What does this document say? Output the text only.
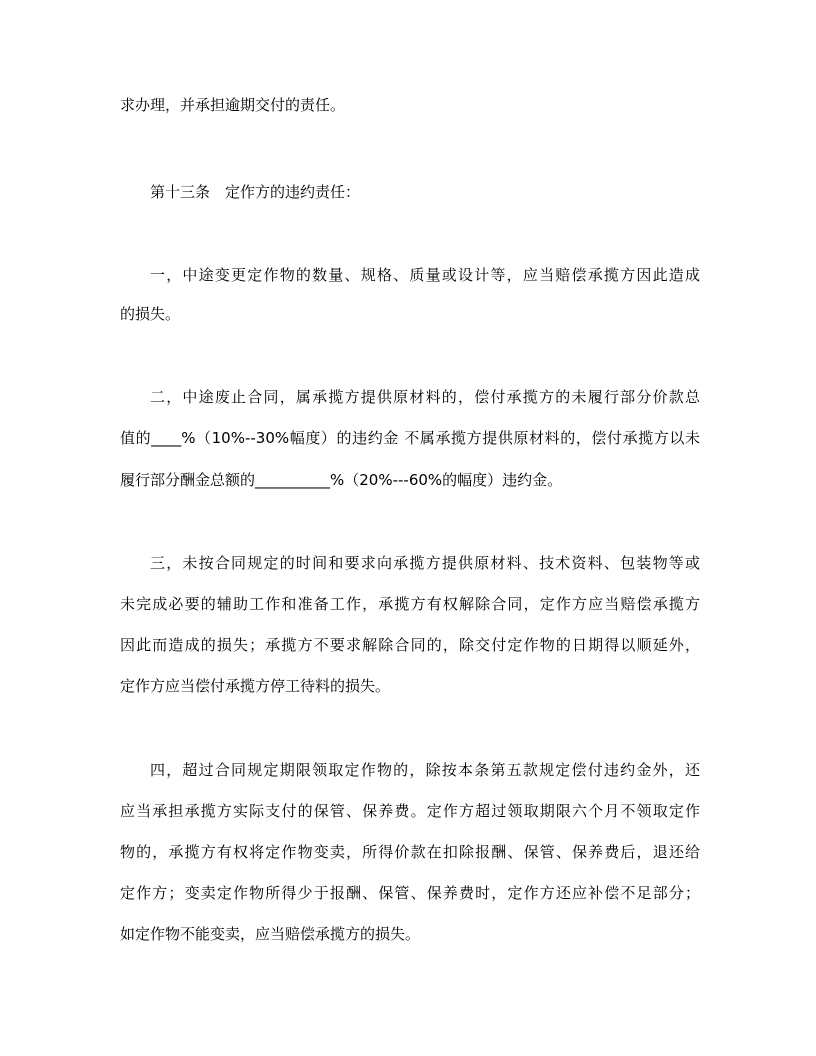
求办理，并承担逾期交付的责任。
第十三条　定作方的违约责任：
一，中途变更定作物的数量、规格、质量或设计等，应当赔偿承揽方因此造成
的损失。
二，中途废止合同，属承揽方提供原材料的，偿付承揽方的未履行部分价款总
值的____%（10%--30%幅度）的违约金 不属承揽方提供原材料的，偿付承揽方以未
履行部分酬金总额的__________%（20%---60%的幅度）违约金。
三，未按合同规定的时间和要求向承揽方提供原材料、技术资料、包装物等或
未完成必要的辅助工作和准备工作，承揽方有权解除合同，定作方应当赔偿承揽方
因此而造成的损失；承揽方不要求解除合同的，除交付定作物的日期得以顺延外，
定作方应当偿付承揽方停工待料的损失。
四，超过合同规定期限领取定作物的，除按本条第五款规定偿付违约金外，还
应当承担承揽方实际支付的保管、保养费。定作方超过领取期限六个月不领取定作
物的，承揽方有权将定作物变卖，所得价款在扣除报酬、保管、保养费后，退还给
定作方；变卖定作物所得少于报酬、保管、保养费时，定作方还应补偿不足部分；
如定作物不能变卖，应当赔偿承揽方的损失。
